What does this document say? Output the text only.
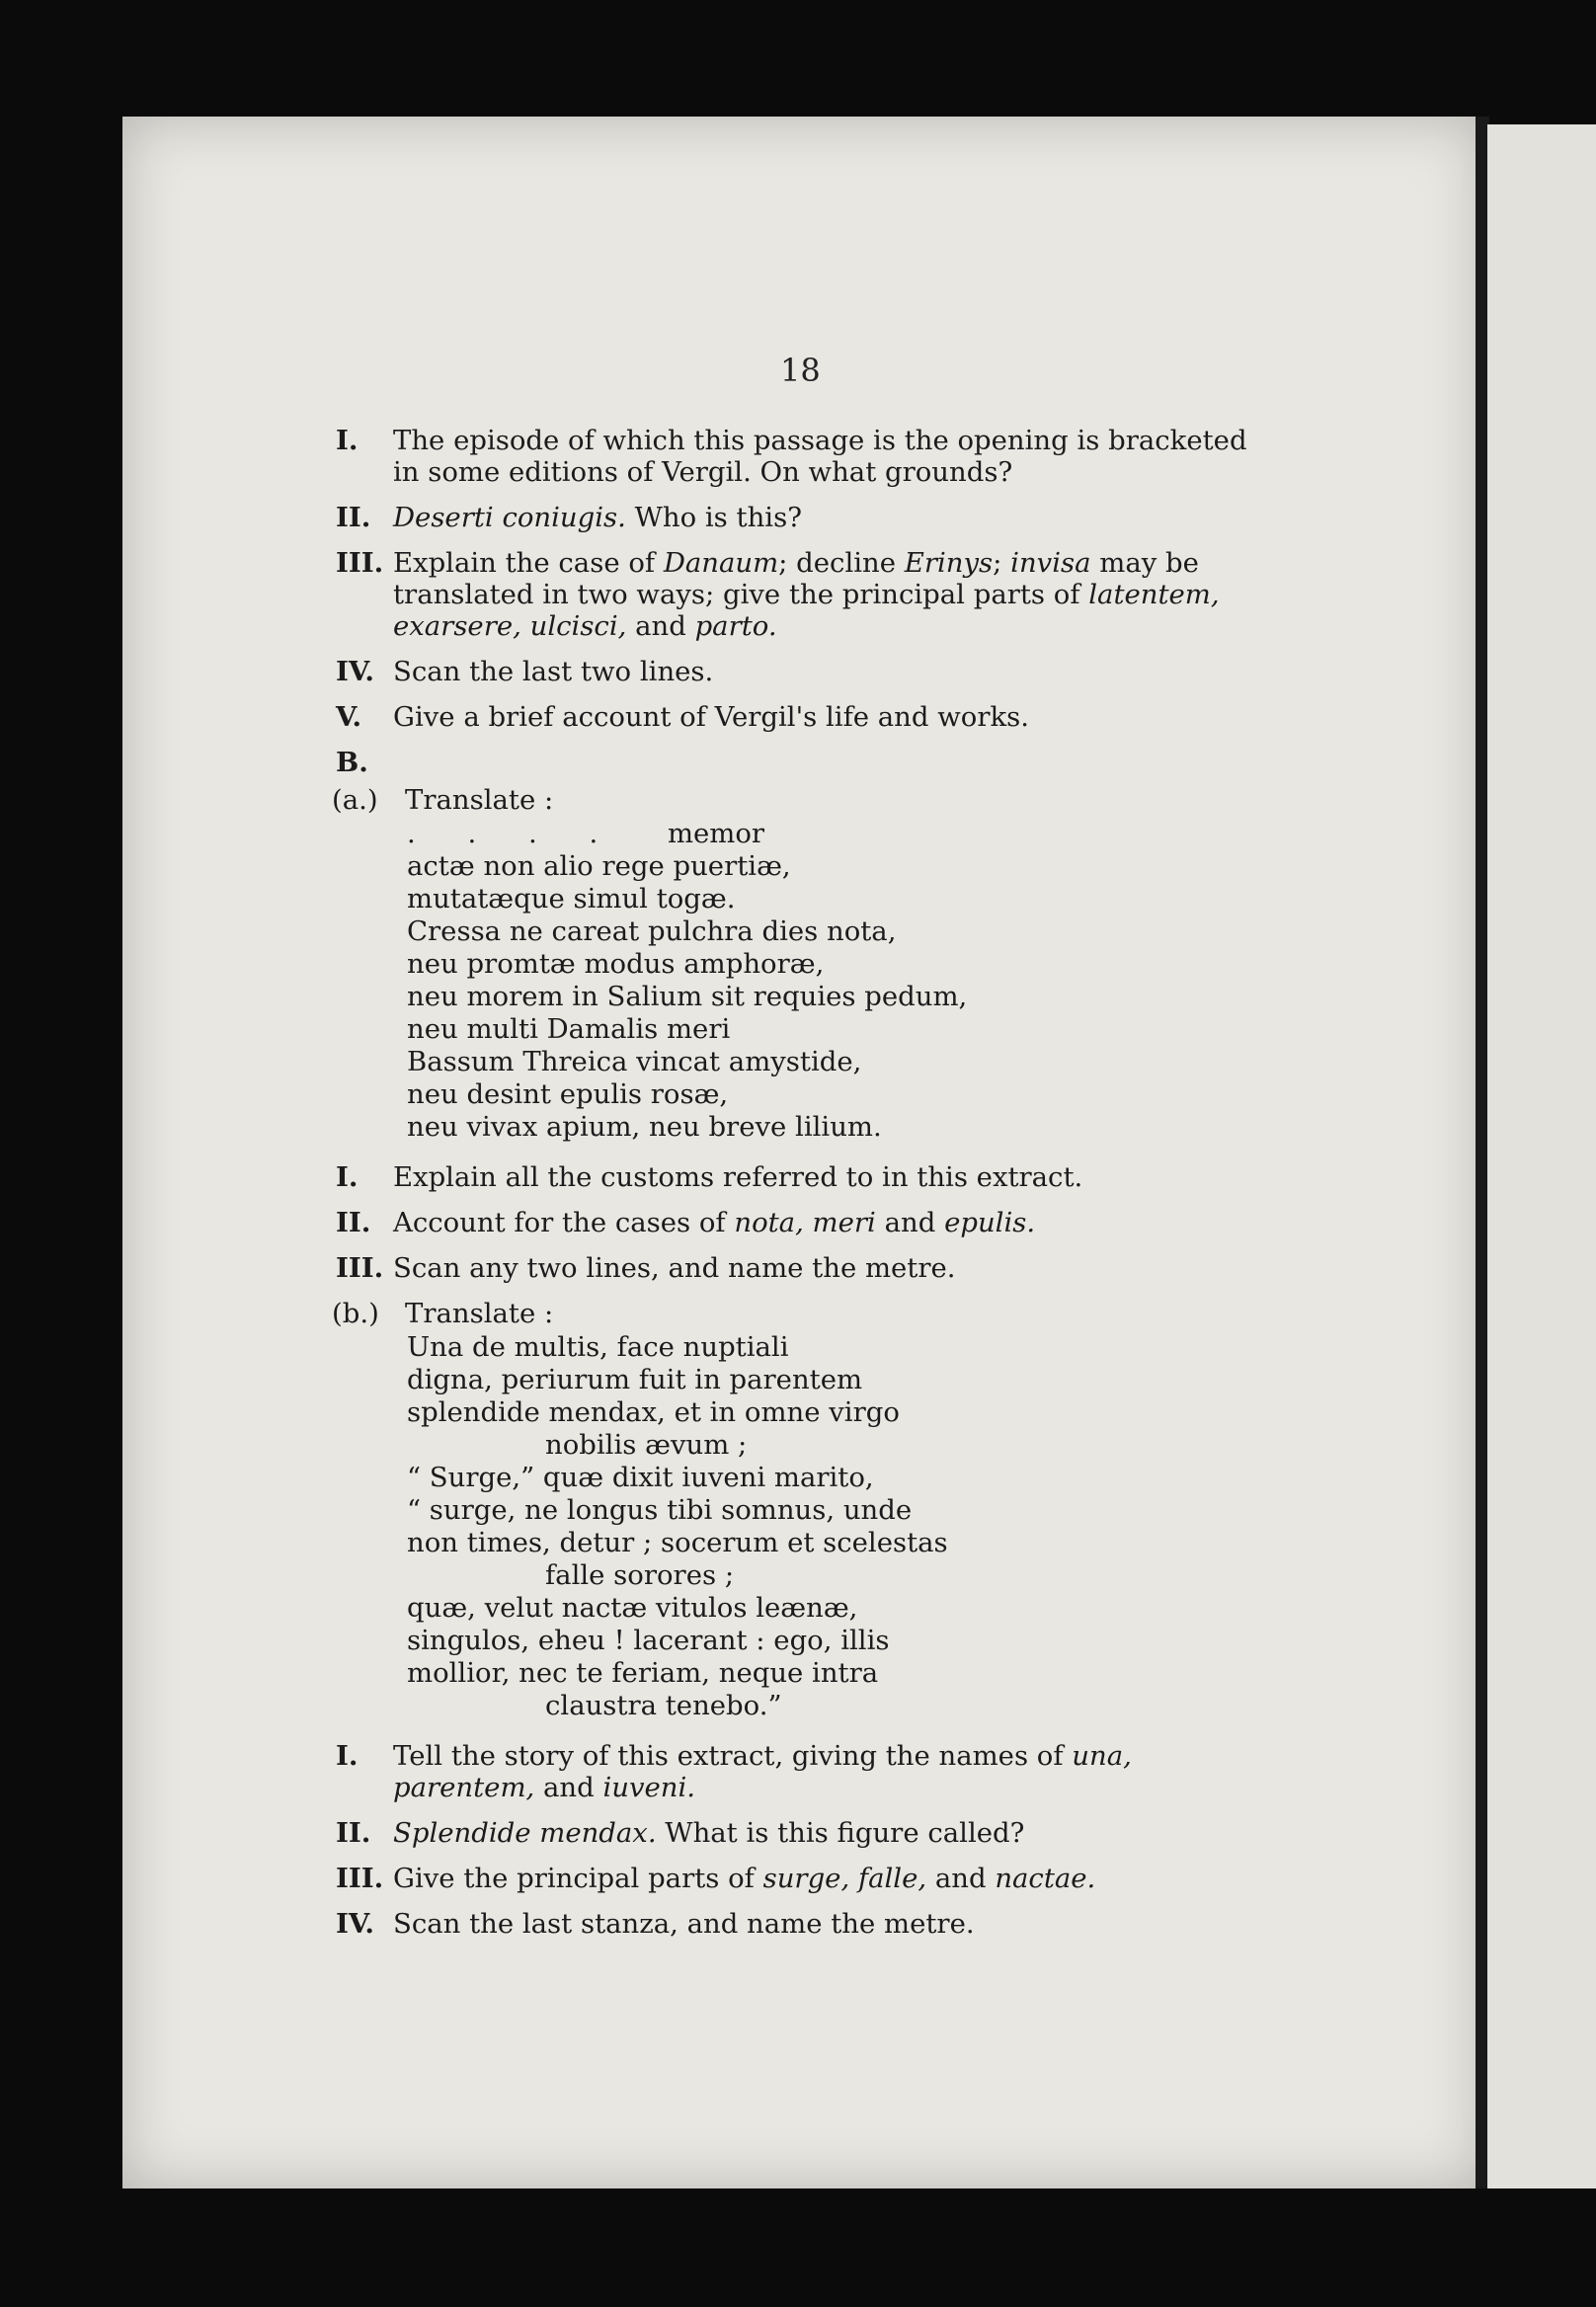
18
I. The episode of which this passage is the opening is bracketed in some editions of Vergil. On what grounds?
II. Deserti coniugis. Who is this?
III. Explain the case of Danaum; decline Erinys; invisa may be translated in two ways; give the principal parts of latentem, exarsere, ulcisci, and parto.
IV. Scan the last two lines.
V. Give a brief account of Vergil's life and works.
B.
(a.) Translate :
. . . . memor
actæ non alio rege puertiæ,
mutatæque simul togæ.
Cressa ne careat pulchra dies nota,
neu promtæ modus amphoræ,
neu morem in Salium sit requies pedum,
neu multi Damalis meri
Bassum Threica vincat amystide,
neu desint epulis rosæ,
neu vivax apium, neu breve lilium.
I. Explain all the customs referred to in this extract.
II. Account for the cases of nota, meri and epulis.
III. Scan any two lines, and name the metre.
(b.) Translate :
Una de multis, face nuptiali
digna, periurum fuit in parentem
splendide mendax, et in omne virgo
nobilis ævum ;
“ Surge,” quæ dixit iuveni marito,
“ surge, ne longus tibi somnus, unde
non times, detur ; socerum et scelestas
falle sorores ;
quæ, velut nactæ vitulos leænæ,
singulos, eheu ! lacerant : ego, illis
mollior, nec te feriam, neque intra
claustra tenebo.”
I. Tell the story of this extract, giving the names of una, parentem, and iuveni.
II. Splendide mendax. What is this figure called?
III. Give the principal parts of surge, falle, and nactae.
IV. Scan the last stanza, and name the metre.
